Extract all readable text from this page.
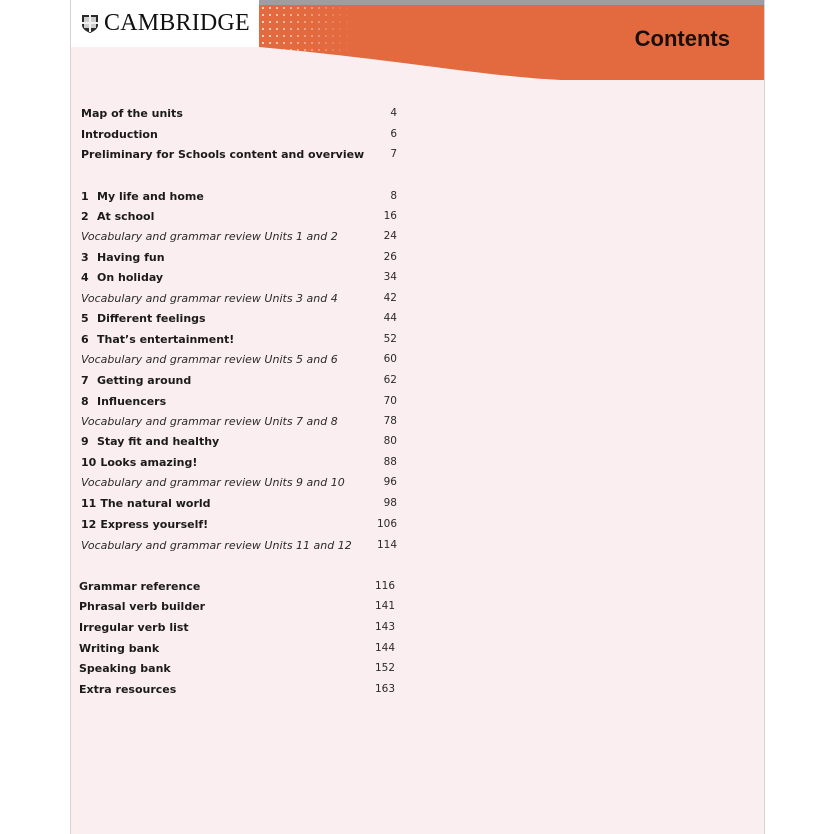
CAMBRIDGE
Contents
Map of the units	4
Introduction	6
Preliminary for Schools content and overview 7
1 My life and home	8
2 At school	16
Vocabulary and grammar review Units 1 and 2	24
3 Having fun	26
4 On holiday	34
Vocabulary and grammar review Units 3 and 4	42
5 Different feelings	44
6 That’s entertainment!	52
Vocabulary and grammar review Units 5 and 6	60
7 Getting around	62
8 Influencers	70
Vocabulary and grammar review Units 7 and 8	78
9 Stay fit and healthy	80
10 Looks amazing!	88
Vocabulary and grammar review Units 9 and 10	96
11 The natural world	98
12 Express yourself!	106
Vocabulary and grammar review Units 11 and 12 114
Grammar reference	116
Phrasal verb builder	141
Irregular verb list	143
Writing bank	144
Speaking bank	152
Extra resources	163
